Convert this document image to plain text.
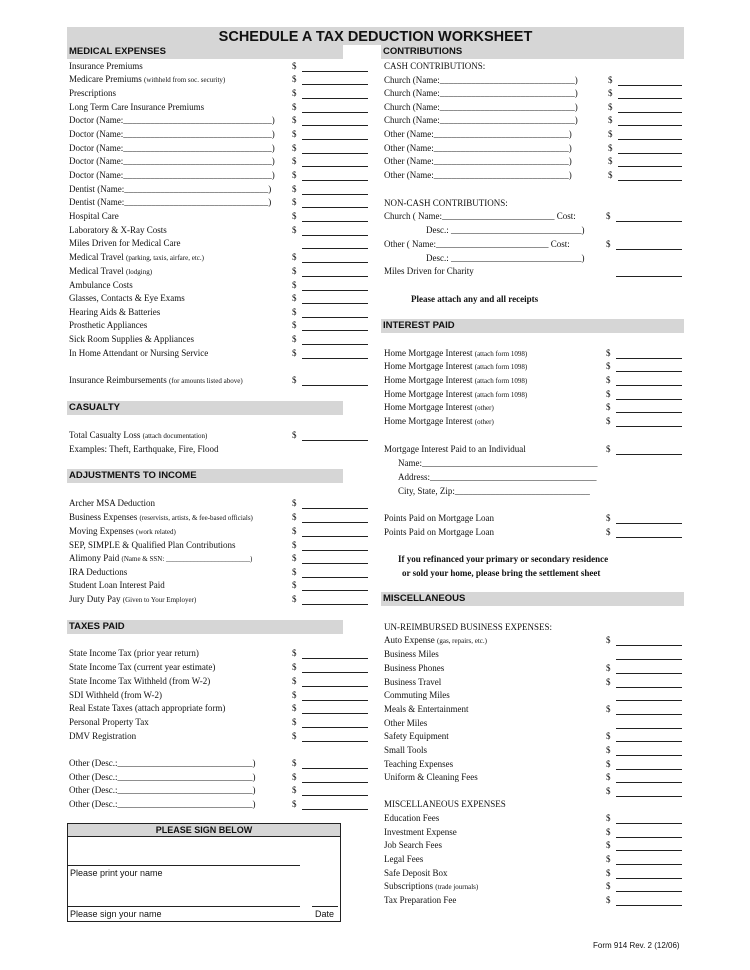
SCHEDULE A TAX DEDUCTION WORKSHEET
MEDICAL EXPENSES
Insurance Premiums	$
Medicare Premiums (withheld from soc. security)	$
Prescriptions	$
Long Term Care Insurance Premiums	$
Doctor (Name:_________________________________) $
Doctor (Name:_________________________________) $
Doctor (Name:_________________________________) $
Doctor (Name:_________________________________) $
Doctor (Name:_________________________________) $
Dentist (Name:________________________________) $
Dentist (Name:________________________________) $
Hospital Care	$
Laboratory & X-Ray Costs	$
Miles Driven for Medical Care
Medical Travel (parking, taxis, airfare, etc.)	$
Medical Travel (lodging)	$
Ambulance Costs	$
Glasses, Contacts & Eye Exams	$
Hearing Aids & Batteries	$
Prosthetic Appliances	$
Sick Room Supplies & Appliances	$
In Home Attendant or Nursing Service	$
Insurance Reimbursements (for amounts listed above)	$
CASUALTY
Total Casualty Loss (attach documentation)	$
Examples: Theft, Earthquake, Fire, Flood
ADJUSTMENTS TO INCOME
Archer MSA Deduction	$
Business Expenses (reservists, artists, & fee-based officials)	$
Moving Expenses (work related)	$
SEP, SIMPLE & Qualified Plan Contributions	$
Alimony Paid (Name & SSN: ________________________)	$
IRA Deductions	$
Student Loan Interest Paid	$
Jury Duty Pay (Given to Your Employer)	$
TAXES PAID
State Income Tax (prior year return)	$
State Income Tax (current year estimate)	$
State Income Tax Withheld (from W-2)	$
SDI Withheld (from W-2)	$
Real Estate Taxes (attach appropriate form)	$
Personal Property Tax	$
DMV Registration	$
Other (Desc.:______________________________)	$
Other (Desc.:______________________________)	$
Other (Desc.:______________________________)	$
Other (Desc.:______________________________)	$
PLEASE SIGN BELOW
Please print your name
Please sign your name	Date
CONTRIBUTIONS
CASH CONTRIBUTIONS:
Church (Name:______________________________)	$
Church (Name:______________________________)	$
Church (Name:______________________________)	$
Church (Name:______________________________)	$
Other (Name:______________________________)	$
Other (Name:______________________________)	$
Other (Name:______________________________)	$
Other (Name:______________________________)	$
NON-CASH CONTRIBUTIONS:
Church ( Name:_________________________ Cost:	$
Desc.: _____________________________)
Other ( Name:_________________________ Cost:	$
Desc.: _____________________________)
Miles Driven for Charity
Please attach any and all receipts
INTEREST PAID
Home Mortgage Interest (attach form 1098)	$
Home Mortgage Interest (attach form 1098)	$
Home Mortgage Interest (attach form 1098)	$
Home Mortgage Interest (attach form 1098)	$
Home Mortgage Interest (other)	$
Home Mortgage Interest (other)	$
Mortgage Interest Paid to an Individual	$
Name:_______________________________________
Address:_____________________________________
City, State, Zip:______________________________
Points Paid on Mortgage Loan	$
Points Paid on Mortgage Loan	$
If you refinanced your primary or secondary residence
or sold your home, please bring the settlement sheet
MISCELLANEOUS
UN-REIMBURSED BUSINESS EXPENSES:
Auto Expense (gas, repairs, etc.)	$
Business Miles
Business Phones	$
Business Travel	$
Commuting Miles
Meals & Entertainment	$
Other Miles
Safety Equipment	$
Small Tools	$
Teaching Expenses	$
Uniform & Cleaning Fees	$
$
MISCELLANEOUS EXPENSES
Education Fees	$
Investment Expense	$
Job Search Fees	$
Legal Fees	$
Safe Deposit Box	$
Subscriptions (trade journals)	$
Tax Preparation Fee	$
Form 914 Rev. 2 (12/06)
